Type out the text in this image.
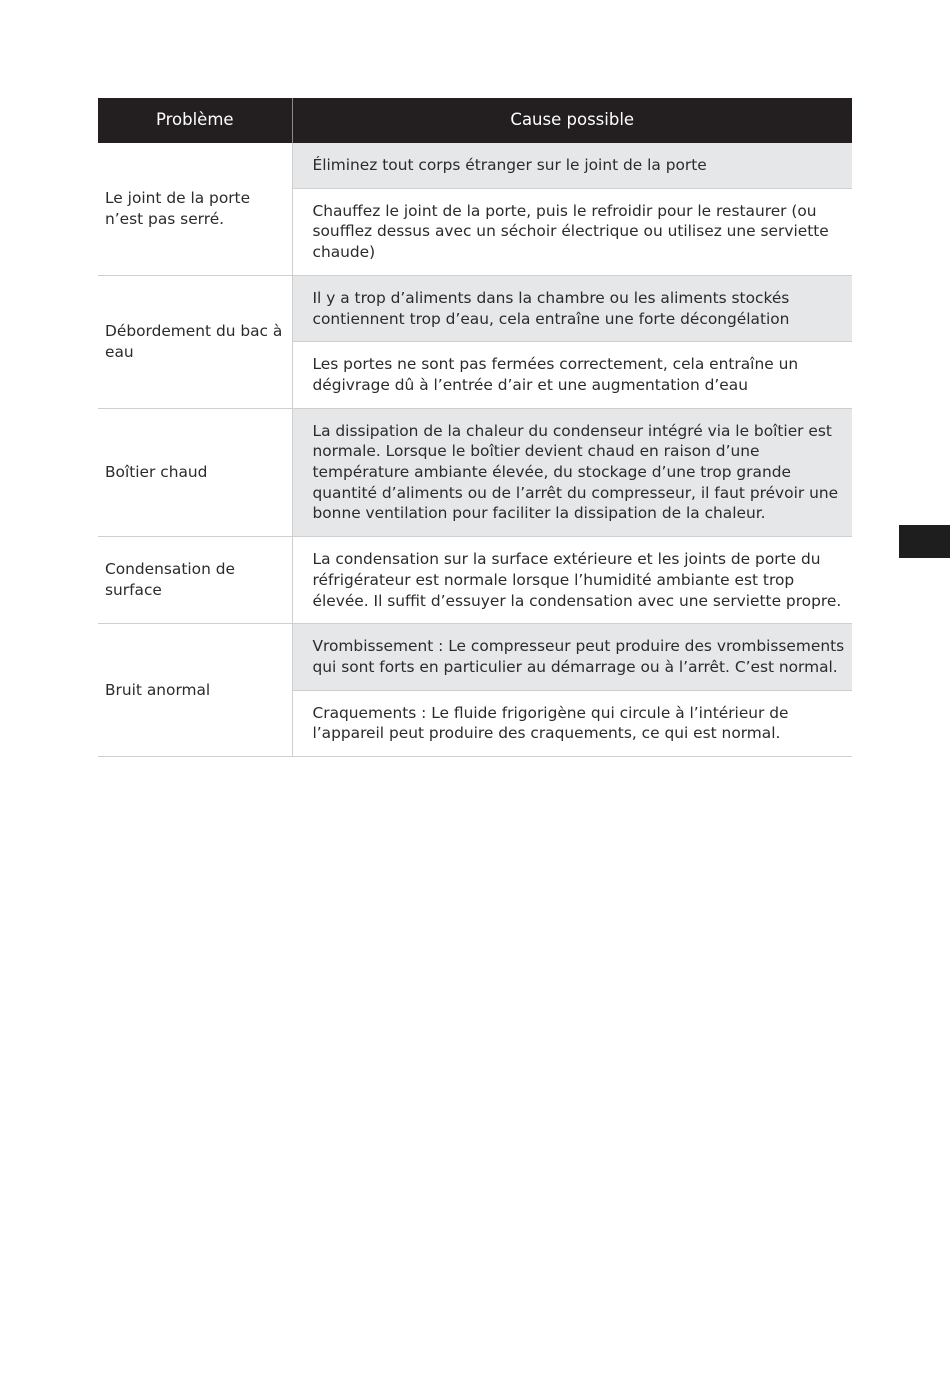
Problème	Cause possible
Le joint de la porte n’est pas serré.	Éliminez tout corps étranger sur le joint de la porte
	Chauffez le joint de la porte, puis le refroidir pour le restaurer (ou soufflez dessus avec un séchoir électrique ou utilisez une serviette chaude)
Débordement du bac à eau	Il y a trop d’aliments dans la chambre ou les aliments stockés contiennent trop d’eau, cela entraîne une forte décongélation
	Les portes ne sont pas fermées correctement, cela entraîne un dégivrage dû à l’entrée d’air et une augmentation d’eau
Boîtier chaud	La dissipation de la chaleur du condenseur intégré via le boîtier est normale. Lorsque le boîtier devient chaud en raison d’une température ambiante élevée, du stockage d’une trop grande quantité d’aliments ou de l’arrêt du compresseur, il faut prévoir une bonne ventilation pour faciliter la dissipation de la chaleur.
Condensation de surface	La condensation sur la surface extérieure et les joints de porte du réfrigérateur est normale lorsque l’humidité ambiante est trop élevée. Il suffit d’essuyer la condensation avec une serviette propre.
Bruit anormal	Vrombissement : Le compresseur peut produire des vrombissements qui sont forts en particulier au démarrage ou à l’arrêt. C’est normal.
	Craquements : Le fluide frigorigène qui circule à l’intérieur de l’appareil peut produire des craquements, ce qui est normal.
